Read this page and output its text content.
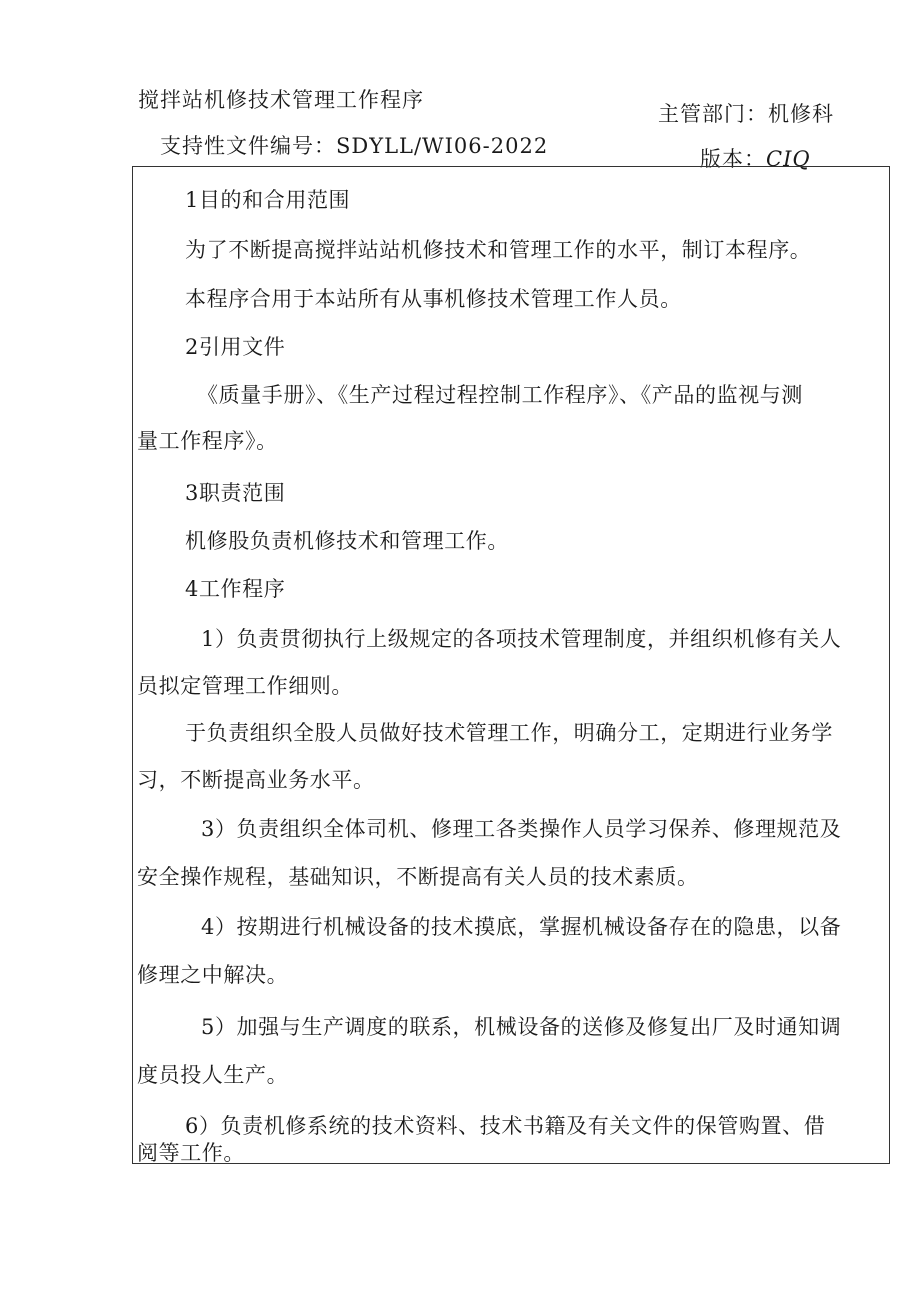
搅拌站机修技术管理工作程序
支持性文件编号：SDYLL/WI06-2022
主管部门：机修科
版本：CIQ
1目的和合用范围
为了不断提高搅拌站站机修技术和管理工作的水平，制订本程序。
本程序合用于本站所有从事机修技术管理工作人员。
2引用文件
《质量手册》、《生产过程过程控制工作程序》、《产品的监视与测
量工作程序》。
3职责范围
机修股负责机修技术和管理工作。
4工作程序
1）负责贯彻执行上级规定的各项技术管理制度，并组织机修有关人
员拟定管理工作细则。
于负责组织全股人员做好技术管理工作，明确分工，定期进行业务学
习，不断提高业务水平。
3）负责组织全体司机、修理工各类操作人员学习保养、修理规范及
安全操作规程，基础知识，不断提高有关人员的技术素质。
4）按期进行机械设备的技术摸底，掌握机械设备存在的隐患，以备
修理之中解决。
5）加强与生产调度的联系，机械设备的送修及修复出厂及时通知调
度员投人生产。
6）负责机修系统的技术资料、技术书籍及有关文件的保管购置、借
阅等工作。
